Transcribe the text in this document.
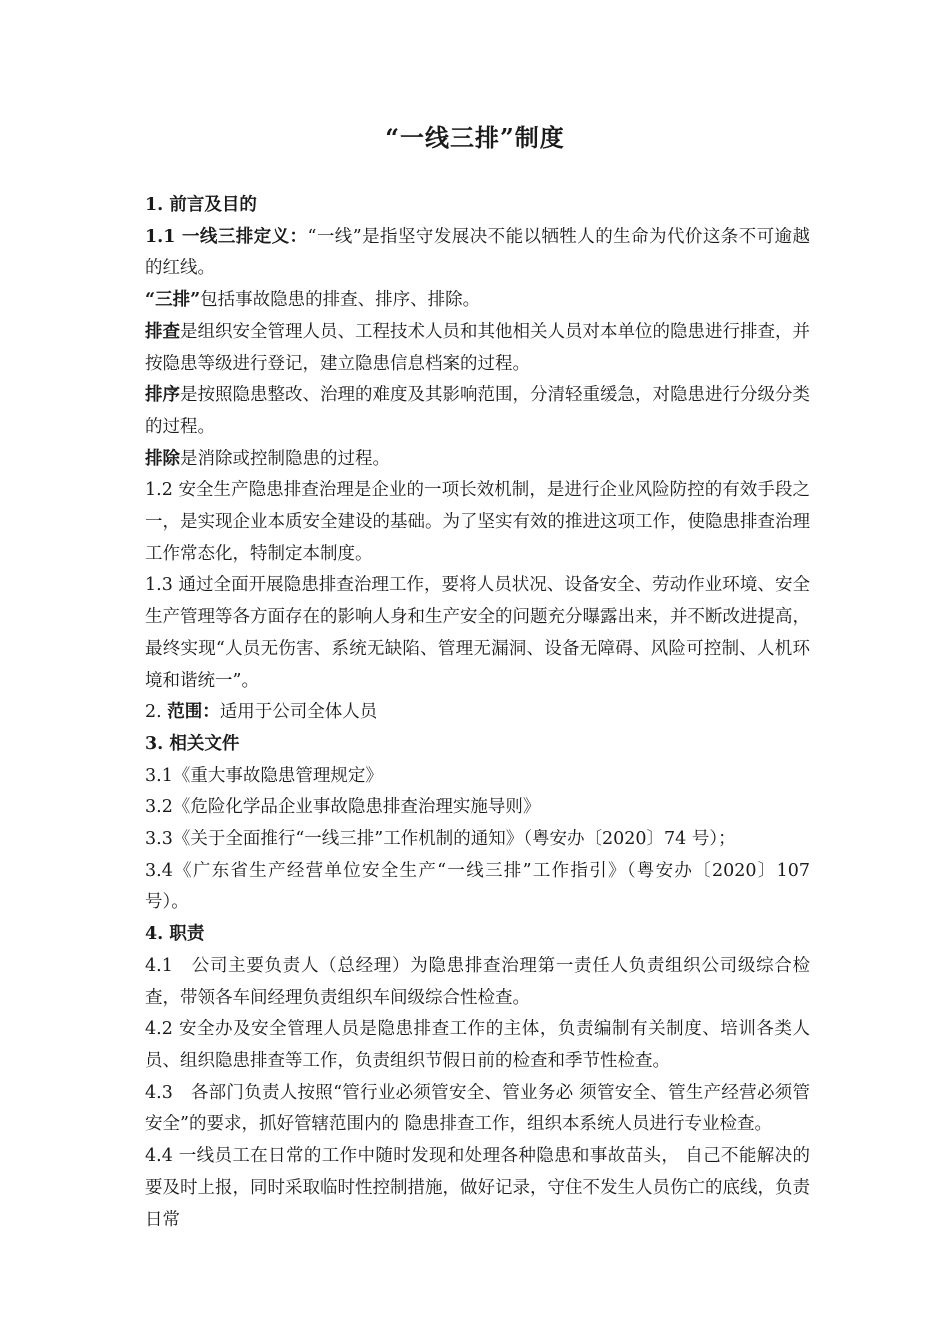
“一线三排”制度

1. 前言及目的

1.1 一线三排定义：“一线”是指坚守发展决不能以牺牲人的生命为代价这条不可逾越的红线。

“三排”包括事故隐患的排查、排序、排除。

排查是组织安全管理人员、工程技术人员和其他相关人员对本单位的隐患进行排查，并按隐患等级进行登记，建立隐患信息档案的过程。

排序是按照隐患整改、治理的难度及其影响范围，分清轻重缓急，对隐患进行分级分类的过程。

排除是消除或控制隐患的过程。

1.2 安全生产隐患排查治理是企业的一项长效机制，是进行企业风险防控的有效手段之一，是实现企业本质安全建设的基础。为了坚实有效的推进这项工作，使隐患排查治理工作常态化，特制定本制度。

1.3 通过全面开展隐患排查治理工作，要将人员状况、设备安全、劳动作业环境、安全生产管理等各方面存在的影响人身和生产安全的问题充分曝露出来，并不断改进提高，最终实现“人员无伤害、系统无缺陷、管理无漏洞、设备无障碍、风险可控制、人机环境和谐统一”。

2. 范围：适用于公司全体人员

3. 相关文件

3.1《重大事故隐患管理规定》

3.2《危险化学品企业事故隐患排查治理实施导则》

3.3《关于全面推行“一线三排”工作机制的通知》（粤安办〔2020〕74 号）；

3.4《广东省生产经营单位安全生产“一线三排”工作指引》（粤安办〔2020〕107 号）。

4. 职责

4.1　公司主要负责人（总经理）为隐患排查治理第一责任人负责组织公司级综合检查，带领各车间经理负责组织车间级综合性检查。

4.2 安全办及安全管理人员是隐患排查工作的主体，负责编制有关制度、培训各类人员、组织隐患排查等工作，负责组织节假日前的检查和季节性检查。

4.3　各部门负责人按照“管行业必须管安全、管业务必 须管安全、管生产经营必须管安全”的要求，抓好管辖范围内的 隐患排查工作，组织本系统人员进行专业检查。

4.4 一线员工在日常的工作中随时发现和处理各种隐患和事故苗头， 自己不能解决的要及时上报，同时采取临时性控制措施，做好记录，守住不发生人员伤亡的底线，负责日常
